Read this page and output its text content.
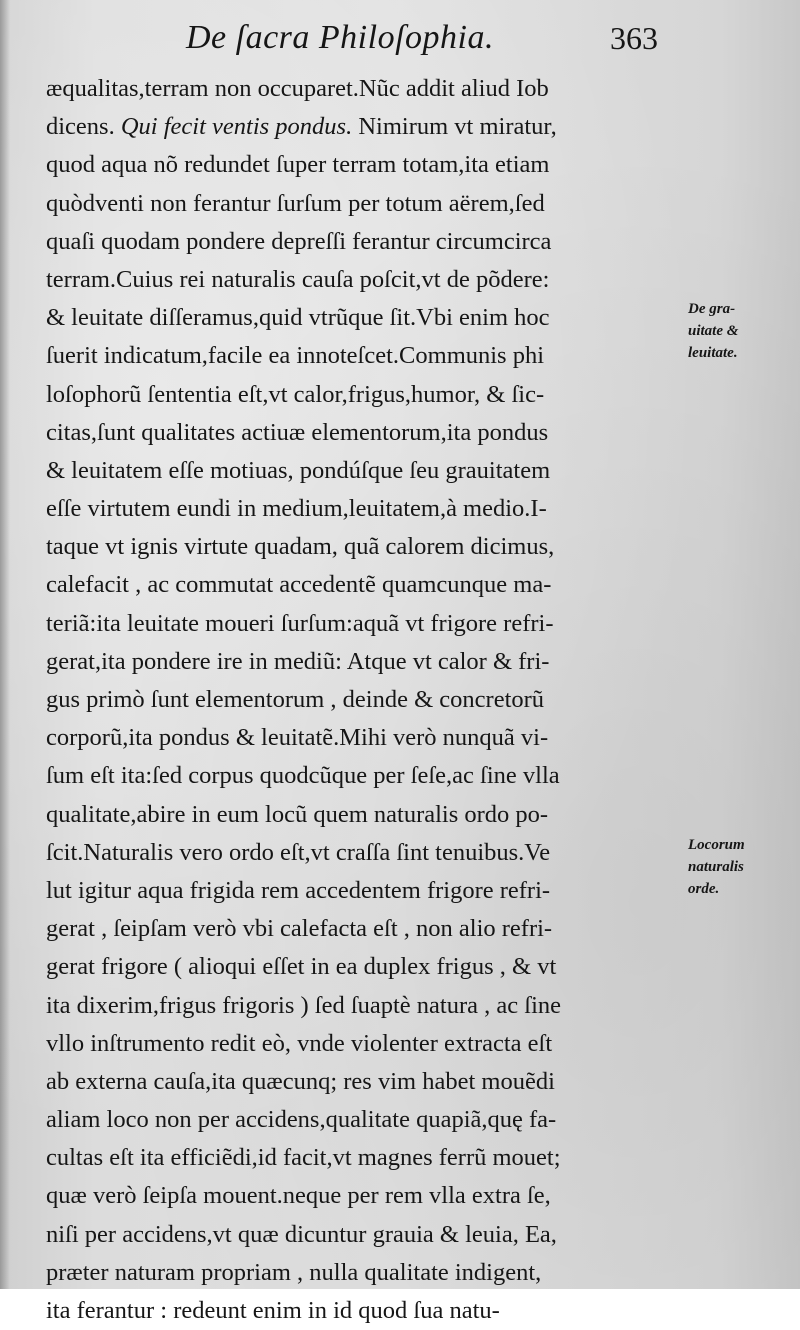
De ſacra Philoſophia.	363
æqualitas,terram non occuparet.Nũc addit aliud Iob
dicens. Qui fecit ventis pondus. Nimirum vt miratur,
quod aqua nõ redundet ſuper terram totam,ita etiam
quòdventi non ferantur ſurſum per totum aërem,ſed
quaſi quodam pondere depreſſi ferantur circumcirca
terram.Cuius rei naturalis cauſa poſcit,vt de põdere:
& leuitate diſſeramus,quid vtrũque ſit.Vbi enim hoc
ſuerit indicatum,facile ea innoteſcet.Communis phi
loſophorũ ſententia eſt,vt calor,frigus,humor, & ſic-
citas,ſunt qualitates actiuæ elementorum,ita pondus
& leuitatem eſſe motiuas, pondúſque ſeu grauitatem
eſſe virtutem eundi in medium,leuitatem,à medio.I-
taque vt ignis virtute quadam, quã calorem dicimus,
calefacit , ac commutat accedentẽ quamcunque ma-
teriã:ita leuitate moueri ſurſum:aquã vt frigore refri-
gerat,ita pondere ire in mediũ: Atque vt calor & fri-
gus primò ſunt elementorum , deinde & concretorũ
corporũ,ita pondus & leuitatẽ.Mihi verò nunquã vi-
ſum eſt ita:ſed corpus quodcũque per ſeſe,ac ſine vlla
qualitate,abire in eum locũ quem naturalis ordo po-
ſcit.Naturalis vero ordo eſt,vt craſſa ſint tenuibus.Ve
lut igitur aqua frigida rem accedentem frigore refri-
gerat , ſeipſam verò vbi calefacta eſt , non alio refri-
gerat frigore ( alioqui eſſet in ea duplex frigus , & vt
ita dixerim,frigus frigoris ) ſed ſuaptè natura , ac ſine
vllo inſtrumento redit eò, vnde violenter extracta eſt
ab externa cauſa,ita quæcunq; res vim habet mouẽdi
aliam loco non per accidens,qualitate quapiã,quę fa-
cultas eſt ita efficiẽdi,id facit,vt magnes ferrũ mouet;
quæ verò ſeipſa mouent.neque per rem vlla extra ſe,
niſi per accidens,vt quæ dicuntur grauia & leuia, Ea,
præter naturam propriam , nulla qualitate indigent,
ita ferantur : redeunt enim in id quod ſua natu-
De gra-
uitate &
leuitate.
Locorum
naturalis
orde.
